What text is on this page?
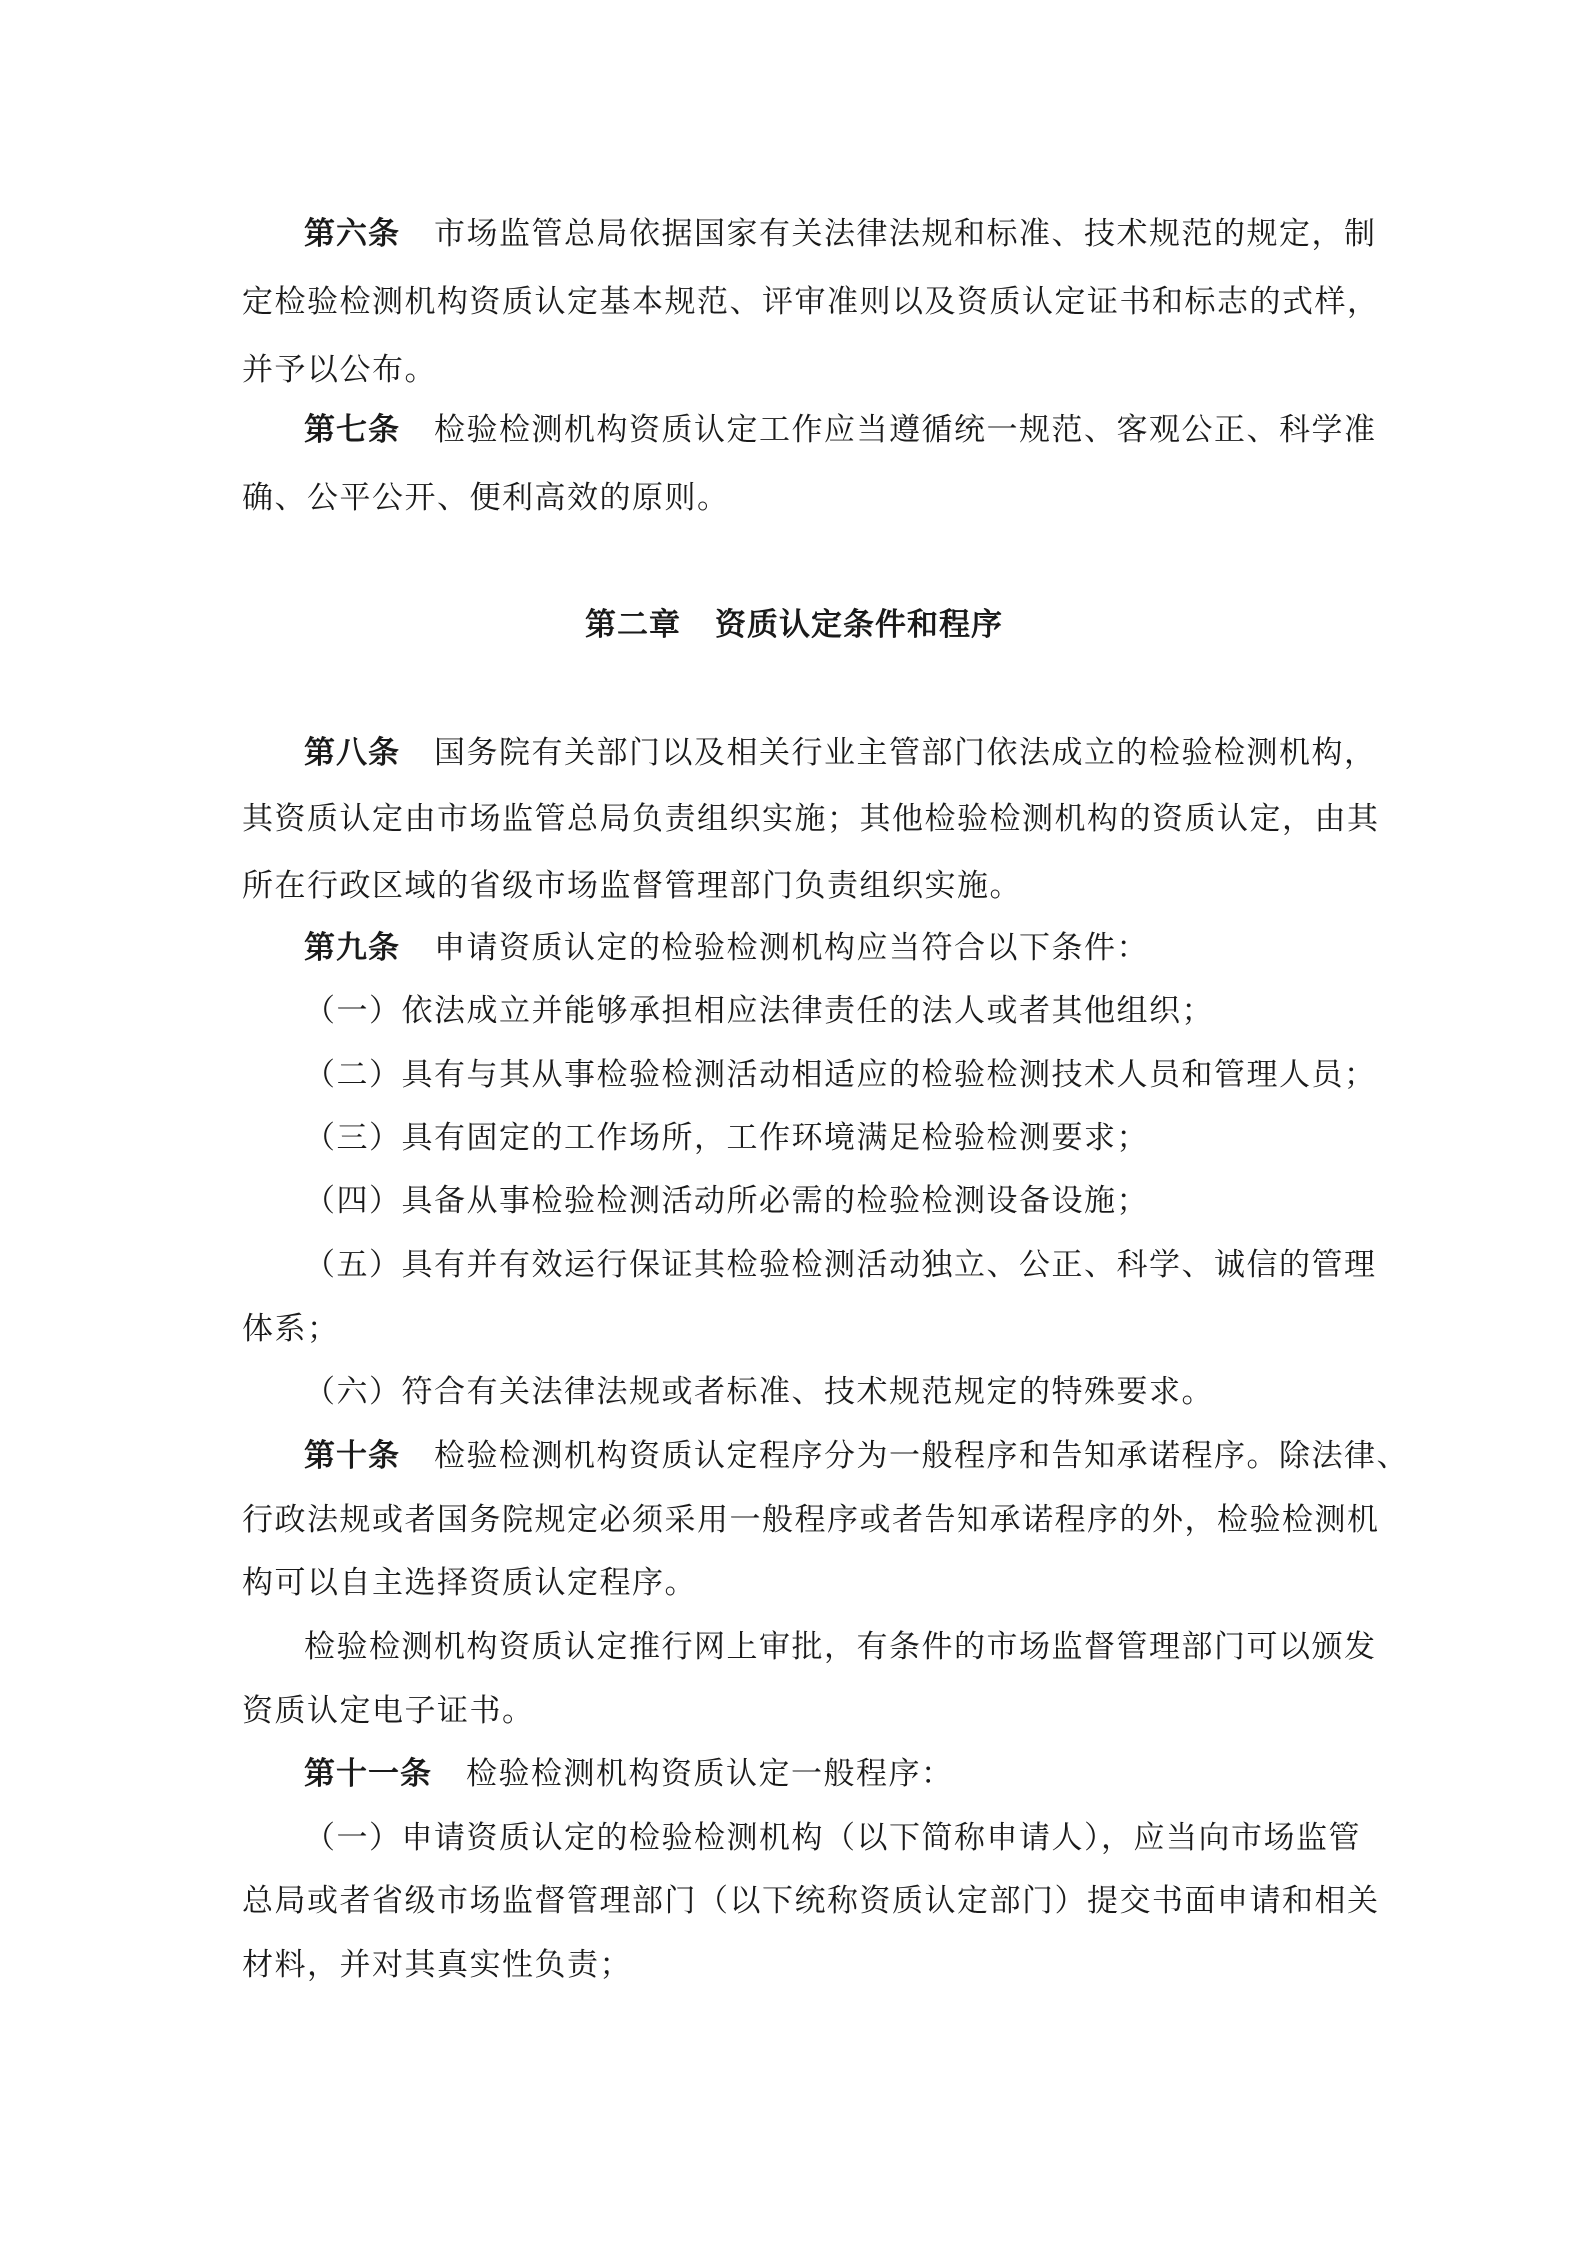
第六条 市场监管总局依据国家有关法律法规和标准、技术规范的规定，制
定检验检测机构资质认定基本规范、评审准则以及资质认定证书和标志的式样，
并予以公布。
第七条 检验检测机构资质认定工作应当遵循统一规范、客观公正、科学准
确、公平公开、便利高效的原则。
第二章 资质认定条件和程序
第八条 国务院有关部门以及相关行业主管部门依法成立的检验检测机构，
其资质认定由市场监管总局负责组织实施；其他检验检测机构的资质认定，由其
所在行政区域的省级市场监督管理部门负责组织实施。
第九条 申请资质认定的检验检测机构应当符合以下条件：
（一）依法成立并能够承担相应法律责任的法人或者其他组织；
（二）具有与其从事检验检测活动相适应的检验检测技术人员和管理人员；
（三）具有固定的工作场所，工作环境满足检验检测要求；
（四）具备从事检验检测活动所必需的检验检测设备设施；
（五）具有并有效运行保证其检验检测活动独立、公正、科学、诚信的管理
体系；
（六）符合有关法律法规或者标准、技术规范规定的特殊要求。
第十条 检验检测机构资质认定程序分为一般程序和告知承诺程序。除法律、
行政法规或者国务院规定必须采用一般程序或者告知承诺程序的外，检验检测机
构可以自主选择资质认定程序。
检验检测机构资质认定推行网上审批，有条件的市场监督管理部门可以颁发
资质认定电子证书。
第十一条 检验检测机构资质认定一般程序：
（一）申请资质认定的检验检测机构（以下简称申请人），应当向市场监管
总局或者省级市场监督管理部门（以下统称资质认定部门）提交书面申请和相关
材料，并对其真实性负责；
